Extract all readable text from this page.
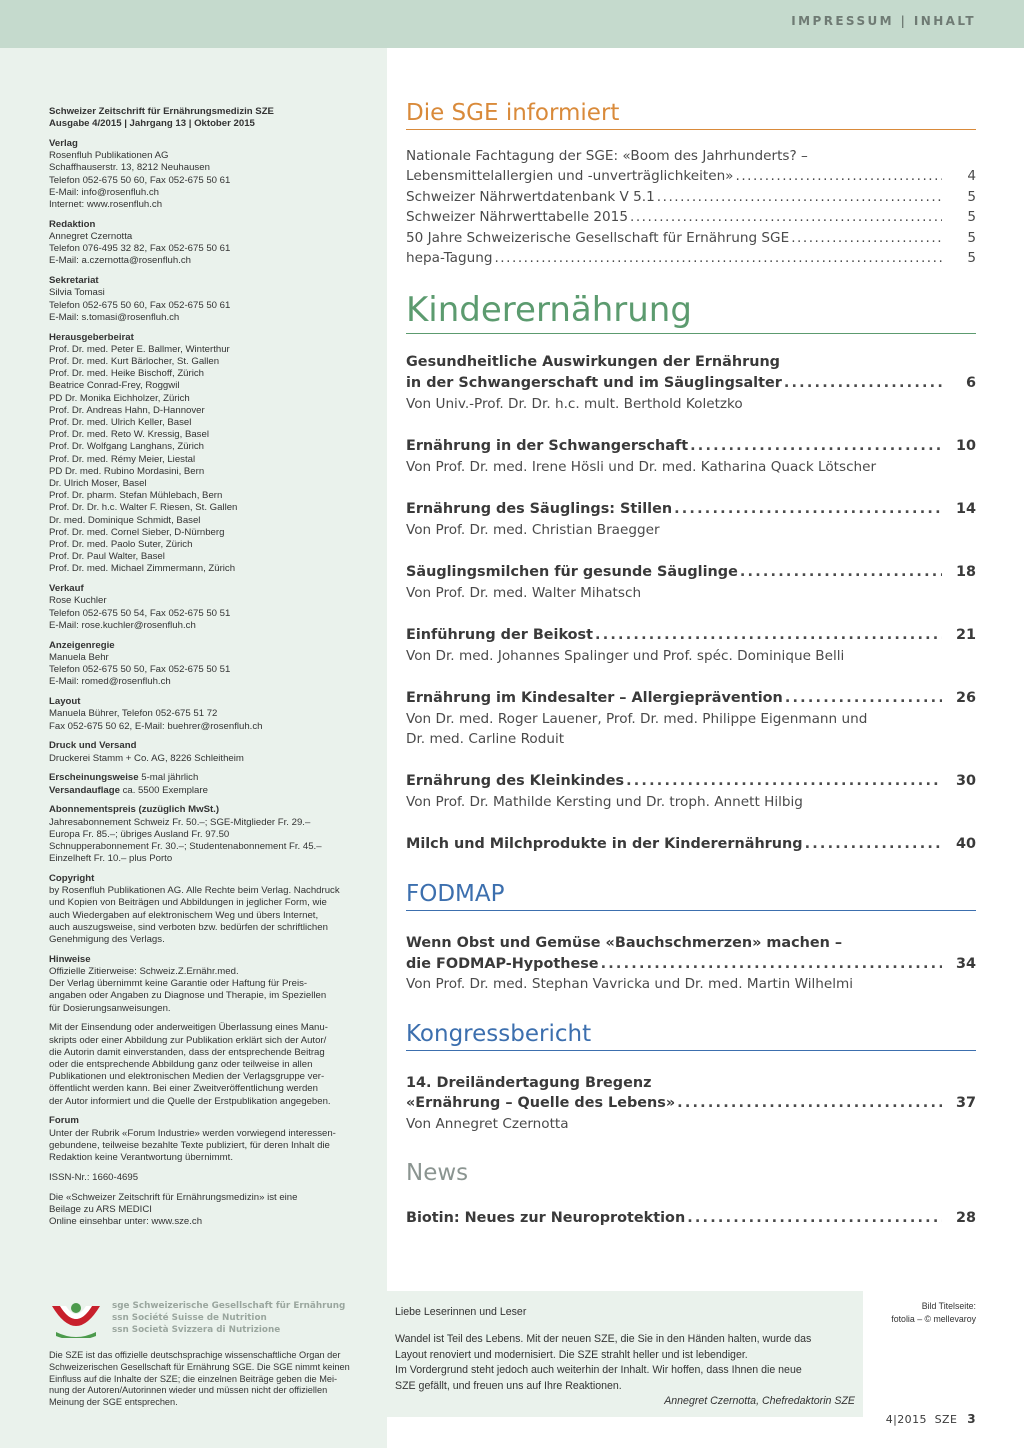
IMPRESSUM | INHALT
Schweizer Zeitschrift für Ernährungsmedizin SZE
Ausgabe 4/2015 | Jahrgang 13 | Oktober 2015
Verlag
Rosenfluh Publikationen AG
Schaffhauserstr. 13, 8212 Neuhausen
Telefon 052-675 50 60, Fax 052-675 50 61
E-Mail: info@rosenfluh.ch
Internet: www.rosenfluh.ch
Redaktion
Annegret Czernotta
Telefon 076-495 32 82, Fax 052-675 50 61
E-Mail: a.czernotta@rosenfluh.ch
Sekretariat
Silvia Tomasi
Telefon 052-675 50 60, Fax 052-675 50 61
E-Mail: s.tomasi@rosenfluh.ch
Herausgeberbeirat
Prof. Dr. med. Peter E. Ballmer, Winterthur
Prof. Dr. med. Kurt Bärlocher, St. Gallen
Prof. Dr. med. Heike Bischoff, Zürich
Beatrice Conrad-Frey, Roggwil
PD Dr. Monika Eichholzer, Zürich
Prof. Dr. Andreas Hahn, D-Hannover
Prof. Dr. med. Ulrich Keller, Basel
Prof. Dr. med. Reto W. Kressig, Basel
Prof. Dr. Wolfgang Langhans, Zürich
Prof. Dr. med. Rémy Meier, Liestal
PD Dr. med. Rubino Mordasini, Bern
Dr. Ulrich Moser, Basel
Prof. Dr. pharm. Stefan Mühlebach, Bern
Prof. Dr. Dr. h.c. Walter F. Riesen, St. Gallen
Dr. med. Dominique Schmidt, Basel
Prof. Dr. med. Cornel Sieber, D-Nürnberg
Prof. Dr. med. Paolo Suter, Zürich
Prof. Dr. Paul Walter, Basel
Prof. Dr. med. Michael Zimmermann, Zürich
Verkauf
Rose Kuchler
Telefon 052-675 50 54, Fax 052-675 50 51
E-Mail: rose.kuchler@rosenfluh.ch
Anzeigenregie
Manuela Behr
Telefon 052-675 50 50, Fax 052-675 50 51
E-Mail: romed@rosenfluh.ch
Layout
Manuela Bührer, Telefon 052-675 51 72
Fax 052-675 50 62, E-Mail: buehrer@rosenfluh.ch
Druck und Versand
Druckerei Stamm + Co. AG, 8226 Schleitheim
Erscheinungsweise 5-mal jährlich
Versandauflage ca. 5500 Exemplare
Abonnementspreis (zuzüglich MwSt.)
Jahresabonnement Schweiz Fr. 50.–; SGE-Mitglieder Fr. 29.–
Europa Fr. 85.–; übriges Ausland Fr. 97.50
Schnupperabonnement Fr. 30.–; Studentenabonnement Fr. 45.–
Einzelheft Fr. 10.– plus Porto
Copyright
by Rosenfluh Publikationen AG. Alle Rechte beim Verlag. Nachdruck
und Kopien von Beiträgen und Abbildungen in jeglicher Form, wie
auch Wiedergaben auf elektronischem Weg und übers Internet,
auch auszugsweise, sind verboten bzw. bedürfen der schriftlichen
Genehmigung des Verlags.
Hinweise
Offizielle Zitierweise: Schweiz.Z.Ernähr.med.
Der Verlag übernimmt keine Garantie oder Haftung für Preis-
angaben oder Angaben zu Diagnose und Therapie, im Speziellen
für Dosierungsanweisungen.
Mit der Einsendung oder anderweitigen Überlassung eines Manu-
skripts oder einer Abbildung zur Publikation erklärt sich der Autor/
die Autorin damit einverstanden, dass der entsprechende Beitrag
oder die entsprechende Abbildung ganz oder teilweise in allen
Publikationen und elektronischen Medien der Verlagsgruppe ver-
öffentlicht werden kann. Bei einer Zweitveröffentlichung werden
der Autor informiert und die Quelle der Erstpublikation angegeben.
Forum
Unter der Rubrik «Forum Industrie» werden vorwiegend interessen-
gebundene, teilweise bezahlte Texte publiziert, für deren Inhalt die
Redaktion keine Verantwortung übernimmt.
ISSN-Nr.: 1660-4695
Die «Schweizer Zeitschrift für Ernährungsmedizin» ist eine
Beilage zu ARS MEDICI
Online einsehbar unter: www.sze.ch
sge Schweizerische Gesellschaft für Ernährung
ssn Société Suisse de Nutrition
ssn Società Svizzera di Nutrizione
Die SZE ist das offizielle deutschsprachige wissenschaftliche Organ der
Schweizerischen Gesellschaft für Ernährung SGE. Die SGE nimmt keinen
Einfluss auf die Inhalte der SZE; die einzelnen Beiträge geben die Mei-
nung der Autoren/Autorinnen wieder und müssen nicht der offiziellen
Meinung der SGE entsprechen.
Die SGE informiert
Nationale Fachtagung der SGE: «Boom des Jahrhunderts? –
Lebensmittelallergien und -unverträglichkeiten» . . .	4
Schweizer Nährwertdatenbank V 5.1 . . .	5
Schweizer Nährwerttabelle 2015 . . .	5
50 Jahre Schweizerische Gesellschaft für Ernährung SGE . . .	5
hepa-Tagung . . .	5
Kinderernährung
Gesundheitliche Auswirkungen der Ernährung
in der Schwangerschaft und im Säuglingsalter . . .	6
Von Univ.-Prof. Dr. Dr. h.c. mult. Berthold Koletzko
Ernährung in der Schwangerschaft . . .	10
Von Prof. Dr. med. Irene Hösli und Dr. med. Katharina Quack Lötscher
Ernährung des Säuglings: Stillen . . .	14
Von Prof. Dr. med. Christian Braegger
Säuglingsmilchen für gesunde Säuglinge . . .	18
Von Prof. Dr. med. Walter Mihatsch
Einführung der Beikost . . .	21
Von Dr. med. Johannes Spalinger und Prof. spéc. Dominique Belli
Ernährung im Kindesalter – Allergieprävention . . .	26
Von Dr. med. Roger Lauener, Prof. Dr. med. Philippe Eigenmann und
Dr. med. Carline Roduit
Ernährung des Kleinkindes . . .	30
Von Prof. Dr. Mathilde Kersting und Dr. troph. Annett Hilbig
Milch und Milchprodukte in der Kinderernährung . . .	40
FODMAP
Wenn Obst und Gemüse «Bauchschmerzen» machen –
die FODMAP-Hypothese . . .	34
Von Prof. Dr. med. Stephan Vavricka und Dr. med. Martin Wilhelmi
Kongressbericht
14. Dreiländertagung Bregenz
«Ernährung – Quelle des Lebens» . . .	37
Von Annegret Czernotta
News
Biotin: Neues zur Neuroprotektion . . .	28
Liebe Leserinnen und Leser
Wandel ist Teil des Lebens. Mit der neuen SZE, die Sie in den Händen halten, wurde das
Layout renoviert und modernisiert. Die SZE strahlt heller und ist lebendiger.
Im Vordergrund steht jedoch auch weiterhin der Inhalt. Wir hoffen, dass Ihnen die neue
SZE gefällt, und freuen uns auf Ihre Reaktionen.
Annegret Czernotta, Chefredaktorin SZE
Bild Titelseite:
fotolia – © mellevaroy
4|2015 SZE 3
